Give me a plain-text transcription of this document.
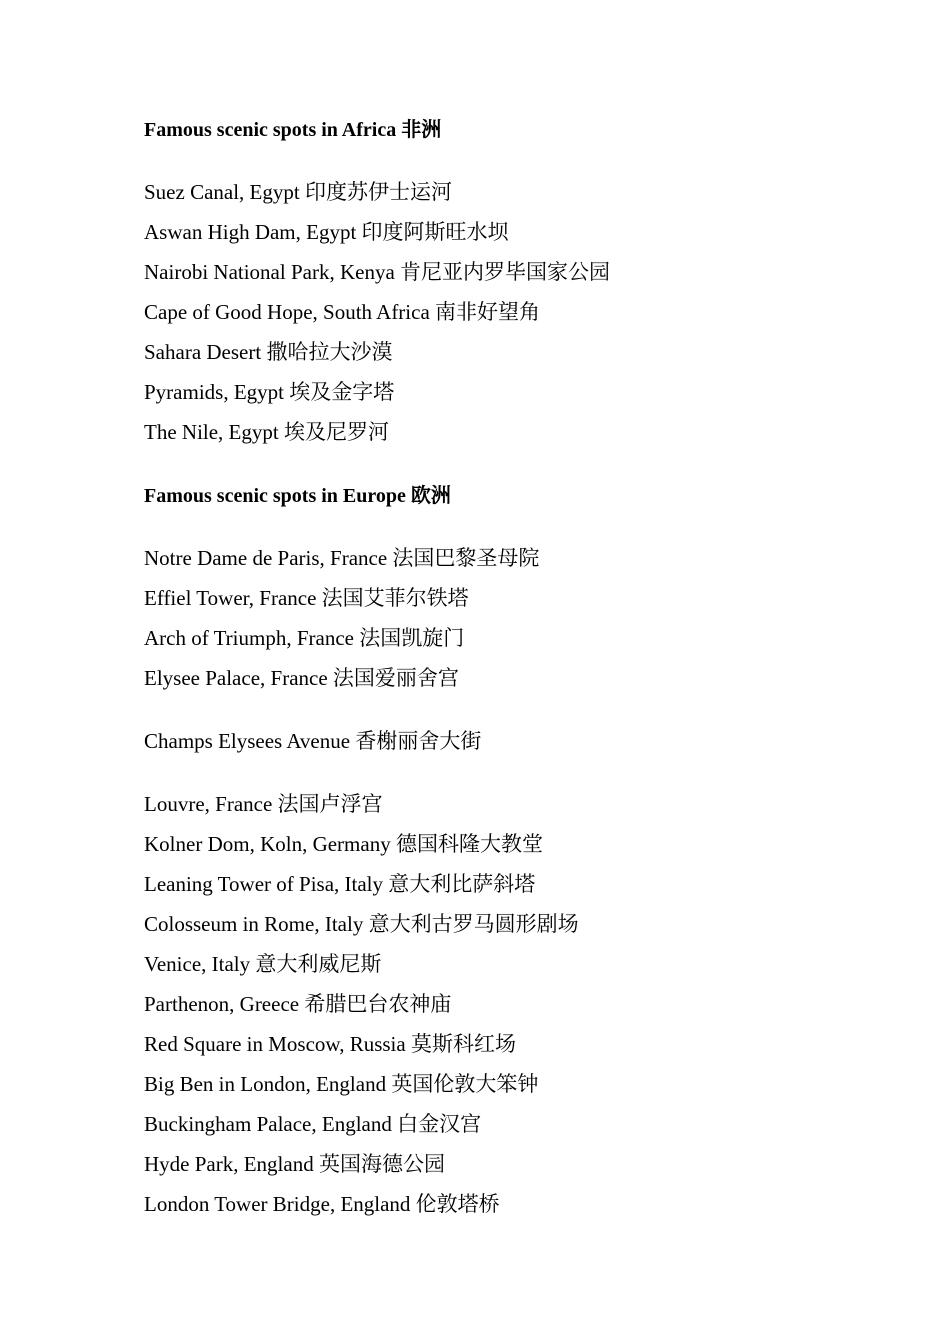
Famous scenic spots in Africa 非洲
Suez Canal, Egypt 印度苏伊士运河
Aswan High Dam, Egypt 印度阿斯旺水坝
Nairobi National Park, Kenya 肯尼亚内罗毕国家公园
Cape of Good Hope, South Africa 南非好望角
Sahara Desert 撒哈拉大沙漠
Pyramids, Egypt 埃及金字塔
The Nile, Egypt 埃及尼罗河
Famous scenic spots in Europe 欧洲
Notre Dame de Paris, France 法国巴黎圣母院
Effiel Tower, France 法国艾菲尔铁塔
Arch of Triumph, France 法国凯旋门
Elysee Palace, France 法国爱丽舍宫
Champs Elysees Avenue 香榭丽舍大街
Louvre, France 法国卢浮宫
Kolner Dom, Koln, Germany 德国科隆大教堂
Leaning Tower of Pisa, Italy 意大利比萨斜塔
Colosseum in Rome, Italy 意大利古罗马圆形剧场
Venice, Italy 意大利威尼斯
Parthenon, Greece 希腊巴台农神庙
Red Square in Moscow, Russia 莫斯科红场
Big Ben in London, England 英国伦敦大笨钟
Buckingham Palace, England 白金汉宫
Hyde Park, England 英国海德公园
London Tower Bridge, England 伦敦塔桥
